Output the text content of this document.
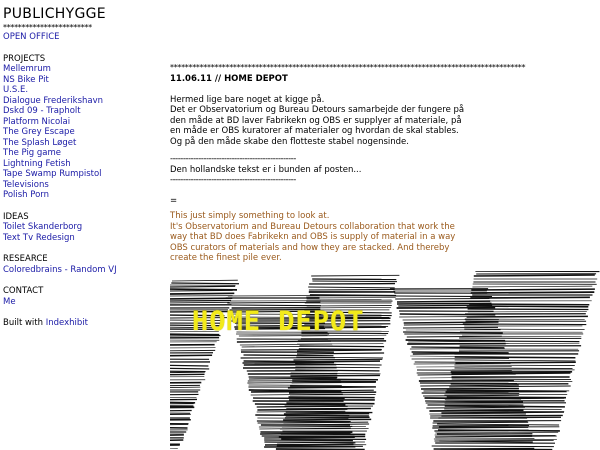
PUBLICHYGGE
************************
OPEN OFFICE
PROJECTS
Mellemrum
NS Bike Pit
U.S.E.
Dialogue Frederikshavn
Dskd 09 - Trapholt
Platform Nicolai
The Grey Escape
The Splash Løget
The Pig game
Lightning Fetish
Tape Swamp Rumpistol
Televisions
Polish Porn
IDEAS
Toilet Skanderborg
Text Tv Redesign
RESEARCE
Coloredbrains - Random VJ
CONTACT
Me
Built with Indexhibit
************************************************************************************************
11.06.11 // HOME DEPOT
Hermed lige bare noget at kigge på.
Det er Observatorium og Bureau Detours samarbejde der fungere på
den måde at BD laver Fabrikekn og OBS er supplyer af materiale, på
en måde er OBS kuratorer af materialer og hvordan de skal stables.
Og på den måde skabe den flotteste stabel nogensinde.
-------------------------------------------------
Den hollandske tekst er i bunden af posten...
-------------------------------------------------
=
This just simply something to look at.
It's Observatorium and Bureau Detours collaboration that work the
way that BD does Fabrikekn and OBS is supply of material in a way
OBS curators of materials and how they are stacked. And thereby
create the finest pile ever.
HOME DEPOT
